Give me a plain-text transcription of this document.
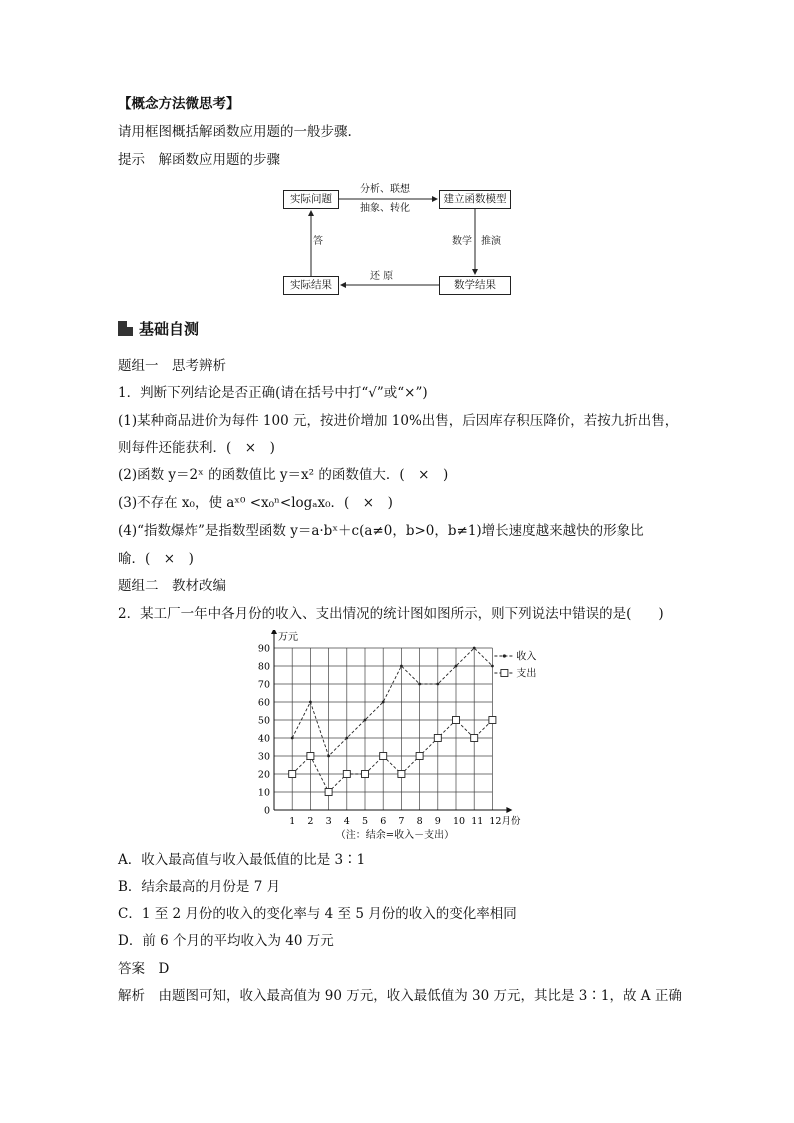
【概念方法微思考】
请用框图概括解函数应用题的一般步骤.
提示　解函数应用题的步骤
实际问题	建立函数模型
数学结果
实际结果
分析、联想
抽象、转化
数学 推演
还 原
答
基础自测
题组一　思考辨析
1．判断下列结论是否正确(请在括号中打“√”或“×”)
(1)某种商品进价为每件 100 元，按进价增加 10%出售，后因库存积压降价，若按九折出售，
则每件还能获利．(　×　)
(2)函数 y＝2ˣ 的函数值比 y＝x² 的函数值大．(　×　)
(3)不存在 x₀，使 aˣ⁰ <x₀ⁿ<logₐx₀．(　×　)
(4)“指数爆炸”是指数型函数 y＝a·bˣ＋c(a≠0，b>0，b≠1)增长速度越来越快的形象比
喻．(　×　)
题组二　教材改编
2．某工厂一年中各月份的收入、支出情况的统计图如图所示，则下列说法中错误的是(　　)
万元
0
10
20
30
40
50
60
70
80
90
1 2 3 4 5 6 7 8 9 10 11 12月份
收入
支出
（注：结余=收入－支出）
A．收入最高值与收入最低值的比是 3∶1
B．结余最高的月份是 7 月
C．1 至 2 月份的收入的变化率与 4 至 5 月份的收入的变化率相同
D．前 6 个月的平均收入为 40 万元
答案　D
解析　由题图可知，收入最高值为 90 万元，收入最低值为 30 万元，其比是 3∶1，故 A 正确
